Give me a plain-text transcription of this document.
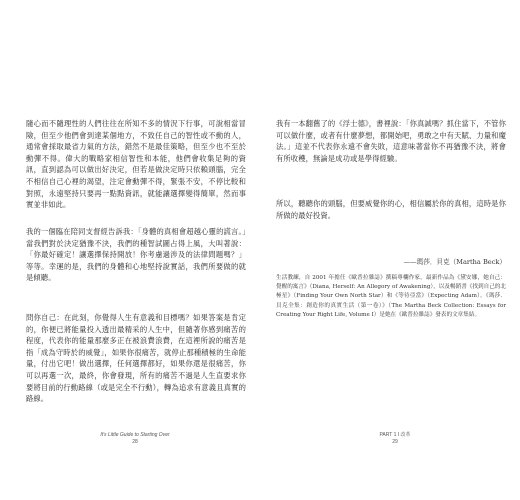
隨心而不隨理性的人們往往在所知不多的情況下行事，可說相當冒險，但至少他們會到達某個地方，不致任自己的智性或不動的人，通常會採取最省力氣的方法，錯然不是最佳策略，但至少也不至於動彈不得。偉大的戰略家相信智性和本能，他們會收集足夠的資訊，直到認為可以做出好決定，但若是做決定時只依賴頭腦，完全不相信自己心裡的渴望，注定會動彈不得，緊張不安，不停比較和對照，永遠堅持只要再一點點資訊，就能讓選擇變得簡單，然而事實並非如此。

我的一個臨在陪同支督經告訴我：「身體的真相會超越心靈的謊言。」當我們對於決定猶豫不決，我們的種智試圖占得上風，大叫著說：「你最好確定！讓選擇保持開放！你考慮過涉及的法律問題嗎？」等等。幸運的是，我們的身體和心地堅持說實話，我們所要做的就是傾聽。

問你自己：在此刻，你覺得人生有意義和目標嗎？如果答案是肯定的，你便已將能量投入透出最精采的人生中，但隨著你感到痛苦的程度，代表你的能量那麼多正在被浪費浪費，在這裡所說的痛苦是指「成為守時於的威覺」，如果你很痛苦，就停止那種積極的生命能量，付出它吧！做出選擇，任何選擇都好，如果你還是很痛苦，你可以再選一次，最終，你會發現，所有的痛苦不過是人生直要求你要將目前的行動路線（或是完全不行動），轉為追求有意義且真實的路線。

It's Little Guide to Starting Over
28

我有一本翻舊了的《浮士德》，書裡說：「你真誠嗎？抓住當下，不管你可以做什麼，或者有什麼夢想，都開始吧，勇敢之中有天賦、力量和魔法。」這並不代表你永遠不會失敗，這意味著當你不再猶豫不決，將會有所收穫，無論是成功或是學得經驗。

所以，聽聽你的頭腦，但要威覺你的心，相信屬於你的真相，這時是你所做的最好投資。

——瑪莎．貝克（Martha Beck）

生活教練，自 2001 年擔任《歐普拉雜誌》撰稿專欄作家，最新作品為《黛安娜，她自己：覺醒的寓言》（Diana, Herself: An Allegory of Awakening），以及暢銷書《找到自己的北極星》（Finding Your Own North Star）和《等待亞當》（Expecting Adam）。《瑪莎．貝克全集：創造你的真實生活（第一卷）》（The Martha Beck Collection: Essays for Creating Your Right Life, Volume I）是她在《歐普拉雜誌》發表的文章集結。

PART 1 I 改革
29
